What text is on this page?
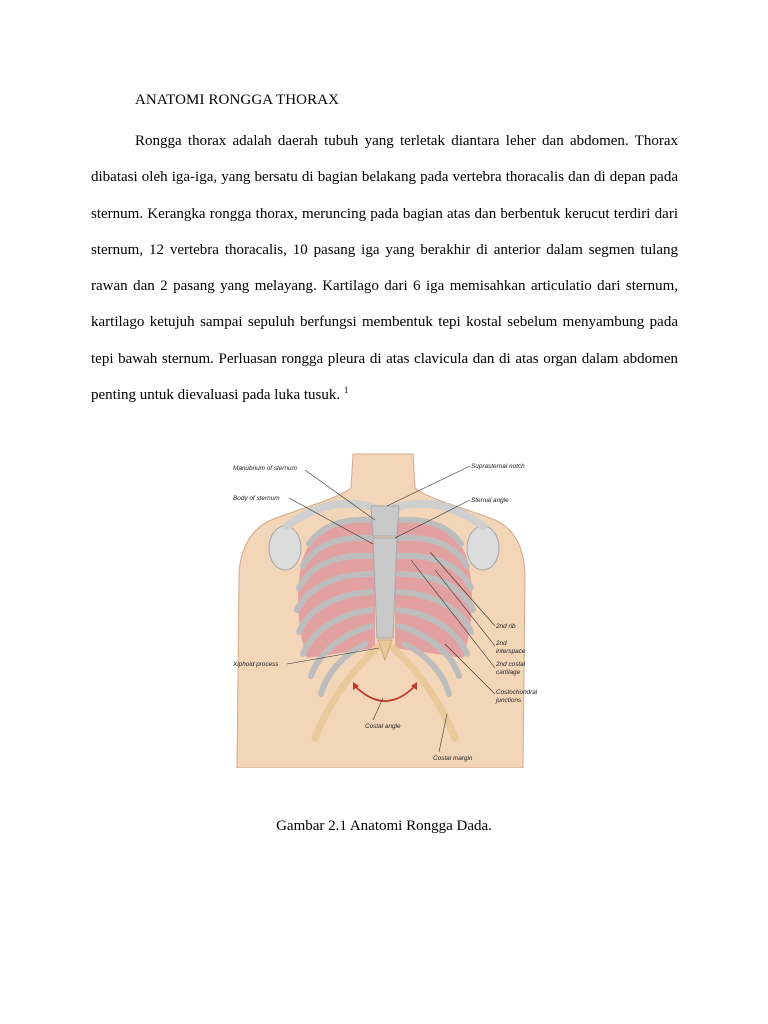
ANATOMI RONGGA THORAX

Rongga thorax adalah daerah tubuh yang terletak diantara leher dan abdomen. Thorax dibatasi oleh iga-iga, yang bersatu di bagian belakang pada vertebra thoracalis dan di depan pada sternum. Kerangka rongga thorax, meruncing pada bagian atas dan berbentuk kerucut terdiri dari sternum, 12 vertebra thoracalis, 10 pasang iga yang berakhir di anterior dalam segmen tulang rawan dan 2 pasang yang melayang. Kartilago dari 6 iga memisahkan articulatio dari sternum, kartilago ketujuh sampai sepuluh berfungsi membentuk tepi kostal sebelum menyambung pada tepi bawah sternum. Perluasan rongga pleura di atas clavicula dan di atas organ dalam abdomen penting untuk dievaluasi pada luka tusuk. $^1$

Manubrium of sternum
Body of sternum
Xiphoid process
Costal angle
Suprasternal notch
Sternal angle
2nd rib
2nd
interspace
2nd costal
cartilage
Costochondral
junctions
Costal margin
Gambar 2.1 Anatomi Rongga Dada.
